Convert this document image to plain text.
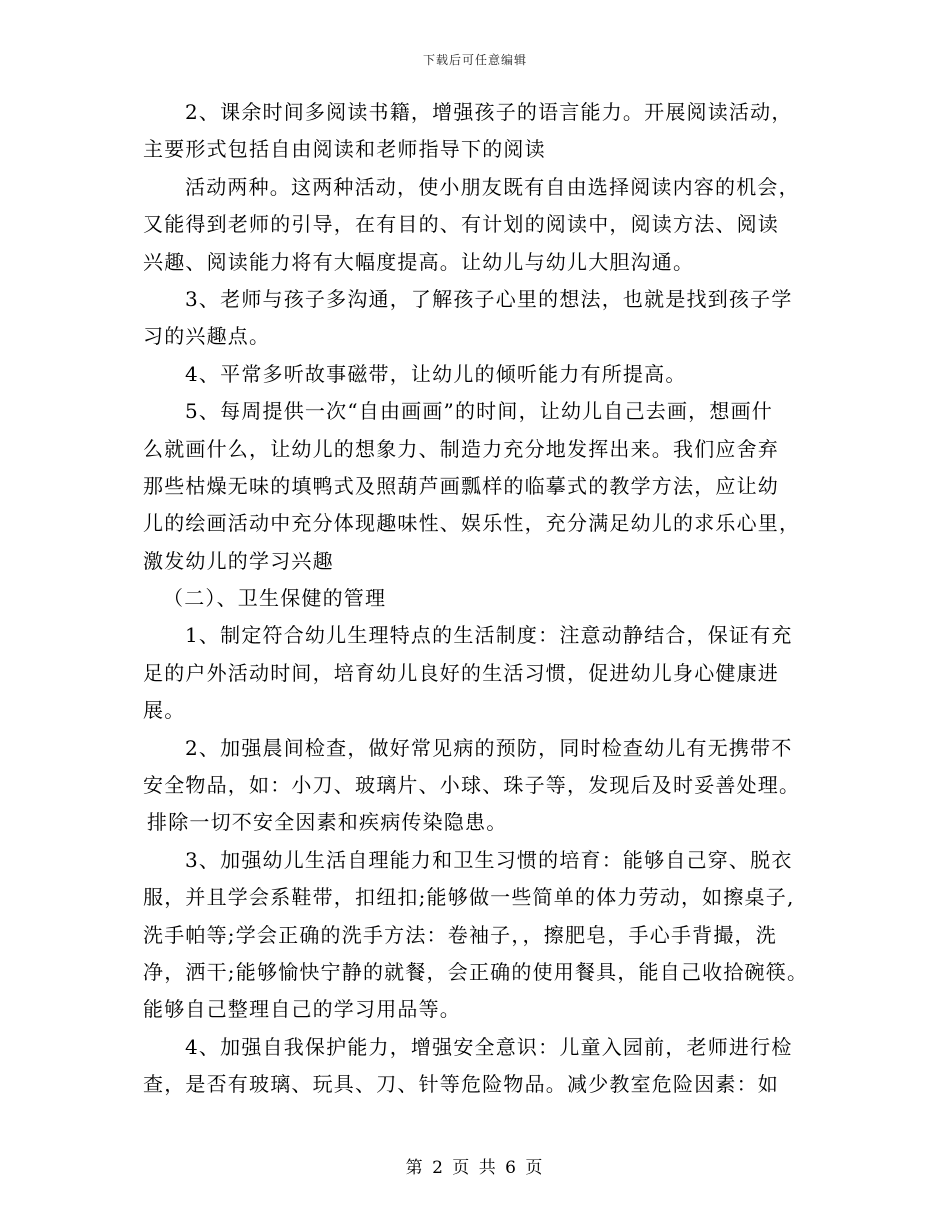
下载后可任意编辑
2、课余时间多阅读书籍，增强孩子的语言能力。开展阅读活动，
主要形式包括自由阅读和老师指导下的阅读
活动两种。这两种活动，使小朋友既有自由选择阅读内容的机会，
又能得到老师的引导，在有目的、有计划的阅读中，阅读方法、阅读
兴趣、阅读能力将有大幅度提高。让幼儿与幼儿大胆沟通。
3、老师与孩子多沟通，了解孩子心里的想法，也就是找到孩子学
习的兴趣点。
4、平常多听故事磁带，让幼儿的倾听能力有所提高。
5、每周提供一次“自由画画”的时间，让幼儿自己去画，想画什
么就画什么，让幼儿的想象力、制造力充分地发挥出来。我们应舍弃
那些枯燥无味的填鸭式及照葫芦画瓢样的临摹式的教学方法，应让幼
儿的绘画活动中充分体现趣味性、娱乐性，充分满足幼儿的求乐心里，
激发幼儿的学习兴趣
（二）、卫生保健的管理
1、制定符合幼儿生理特点的生活制度：注意动静结合，保证有充
足的户外活动时间，培育幼儿良好的生活习惯，促进幼儿身心健康进
展。
2、加强晨间检查，做好常见病的预防，同时检查幼儿有无携带不
安全物品，如：小刀、玻璃片、小球、珠子等，发现后及时妥善处理。
排除一切不安全因素和疾病传染隐患。
3、加强幼儿生活自理能力和卫生习惯的培育：能够自己穿、脱衣
服，并且学会系鞋带，扣纽扣;能够做一些简单的体力劳动，如擦桌子,
洗手帕等;学会正确的洗手方法：卷袖子，，擦肥皂，手心手背撮，洗
净，洒干;能够愉快宁静的就餐，会正确的使用餐具，能自己收拾碗筷。
能够自己整理自己的学习用品等。
4、加强自我保护能力，增强安全意识：儿童入园前，老师进行检
查，是否有玻璃、玩具、刀、针等危险物品。减少教室危险因素：如
第 2 页 共 6 页
